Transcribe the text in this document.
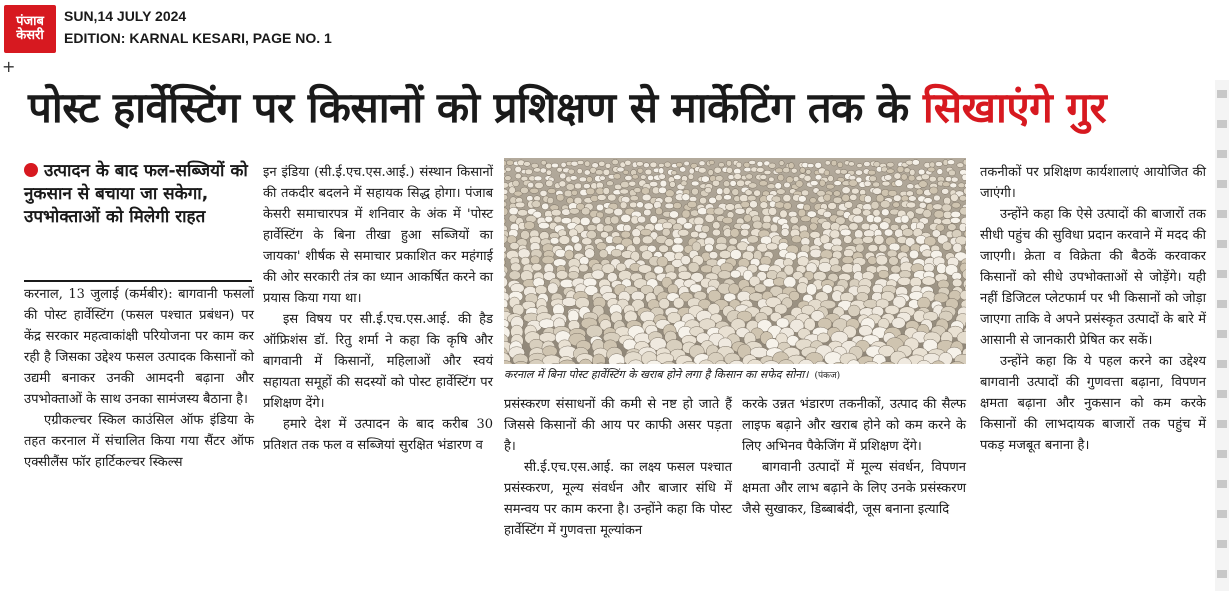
पंजाब
केसरी
SUN,14 JULY 2024
EDITION: KARNAL KESARI, PAGE NO. 1
+
पोस्ट हार्वेस्टिंग पर किसानों को प्रशिक्षण से मार्केटिंग तक के सिखाएंगे गुर
उत्पादन के बाद फल-सब्जियों को नुकसान से बचाया जा सकेगा, उपभोक्ताओं को मिलेगी राहत

करनाल, 13 जुलाई (कर्मबीर): बागवानी फसलों की पोस्ट हार्वेस्टिंग (फसल पश्चात प्रबंधन) पर केंद्र सरकार महत्वाकांक्षी परियोजना पर काम कर रही है जिसका उद्देश्य फसल उत्पादक किसानों को उद्यमी बनाकर उनकी आमदनी बढ़ाना और उपभोक्ताओं के साथ उनका सामंजस्य बैठाना है।

एग्रीकल्चर स्किल काउंसिल ऑफ इंडिया के तहत करनाल में संचालित किया गया सैंटर ऑफ एक्सीलैंस फॉर हार्टिकल्चर स्किल्स

इन इंडिया (सी.ई.एच.एस.आई.) संस्थान किसानों की तकदीर बदलने में सहायक सिद्ध होगा। पंजाब केसरी समाचारपत्र में शनिवार के अंक में 'पोस्ट हार्वेस्टिंग के बिना तीखा हुआ सब्जियों का जायका' शीर्षक से समाचार प्रकाशित कर महंगाई की ओर सरकारी तंत्र का ध्यान आकर्षित करने का प्रयास किया गया था।

इस विषय पर सी.ई.एच.एस.आई. की हैड ऑफ्रिशंस डॉ. रितु शर्मा ने कहा कि कृषि और बागवानी में किसानों, महिलाओं और स्वयं सहायता समूहों की सदस्यों को पोस्ट हार्वेस्टिंग पर प्रशिक्षण देंगे।

हमारे देश में उत्पादन के बाद करीब 30 प्रतिशत तक फल व सब्जियां सुरक्षित भंडारण व

करनाल में बिना पोस्ट हार्वेस्टिंग के खराब होने लगा है किसान का सफेद सोना। (पंकज)

प्रसंस्करण संसाधनों की कमी से नष्ट हो जाते हैं जिससे किसानों की आय पर काफी असर पड़ता है।

सी.ई.एच.एस.आई. का लक्ष्य फसल पश्चात प्रसंस्करण, मूल्य संवर्धन और बाजार संधि में समन्वय पर काम करना है। उन्होंने कहा कि पोस्ट हार्वेस्टिंग में गुणवत्ता मूल्यांकन

करके उन्नत भंडारण तकनीकों, उत्पाद की सैल्फ लाइफ बढ़ाने और खराब होने को कम करने के लिए अभिनव पैकेजिंग में प्रशिक्षण देंगे।

बागवानी उत्पादों में मूल्य संवर्धन, विपणन क्षमता और लाभ बढ़ाने के लिए उनके प्रसंस्करण जैसे सुखाकर, डिब्बाबंदी, जूस बनाना इत्यादि

तकनीकों पर प्रशिक्षण कार्यशालाएं आयोजित की जाएंगी।

उन्होंने कहा कि ऐसे उत्पादों की बाजारों तक सीधी पहुंच की सुविधा प्रदान करवाने में मदद की जाएगी। क्रेता व विक्रेता की बैठकें करवाकर किसानों को सीधे उपभोक्ताओं से जोड़ेंगे। यही नहीं डिजिटल प्लेटफार्म पर भी किसानों को जोड़ा जाएगा ताकि वे अपने प्रसंस्कृत उत्पादों के बारे में आसानी से जानकारी प्रेषित कर सकें।

उन्होंने कहा कि ये पहल करने का उद्देश्य बागवानी उत्पादों की गुणवत्ता बढ़ाना, विपणन क्षमता बढ़ाना और नुकसान को कम करके किसानों की लाभदायक बाजारों तक पहुंच में पकड़ मजबूत बनाना है।
